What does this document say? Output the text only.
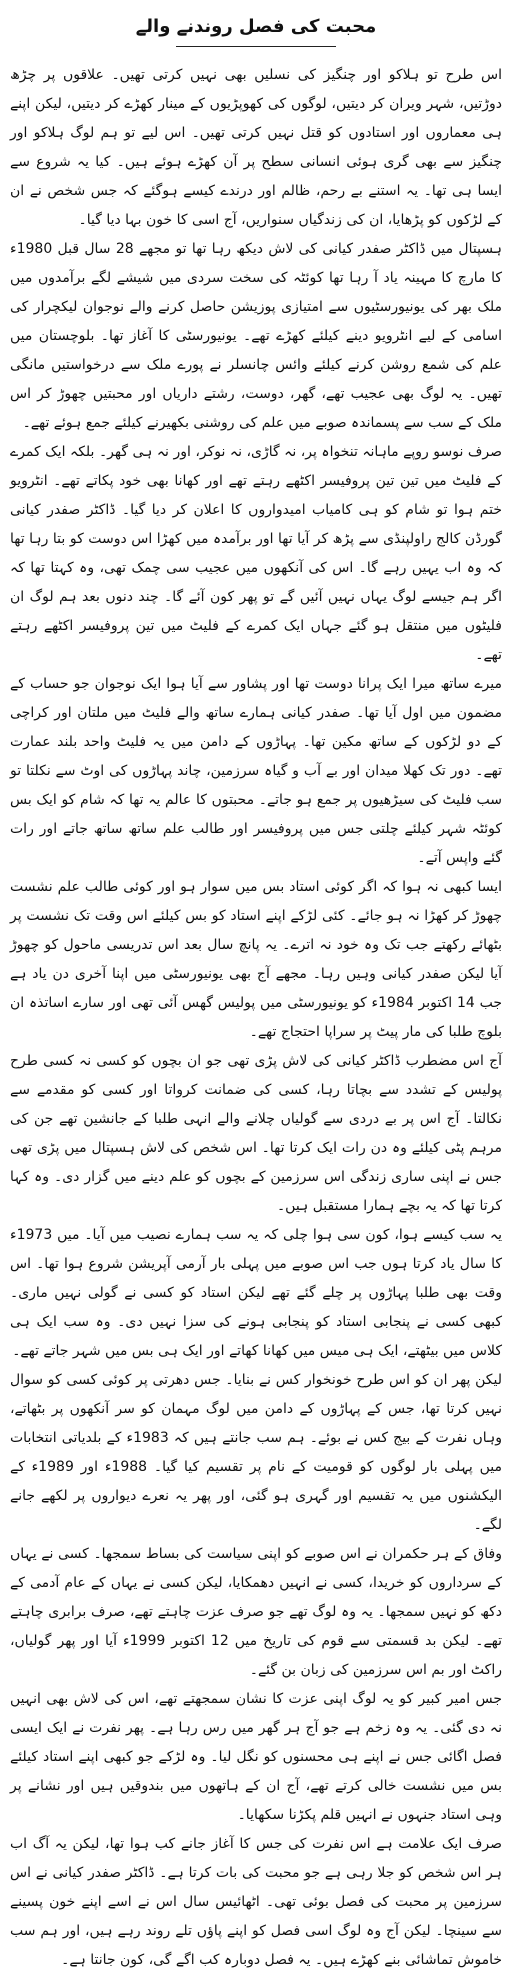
محبت کی فصل روندنے والے

اس طرح تو ہلاکو اور چنگیز کی نسلیں بھی نہیں کرتی تھیں۔ علاقوں پر چڑھ دوڑتیں، شہر ویران کر دیتیں، لوگوں کی کھوپڑیوں کے مینار کھڑے کر دیتیں، لیکن اپنے ہی معماروں اور استادوں کو قتل نہیں کرتی تھیں۔ اس لیے تو ہم لوگ ہلاکو اور چنگیز سے بھی گری ہوئی انسانی سطح پر آن کھڑے ہوئے ہیں۔ کیا یہ شروع سے ایسا ہی تھا۔ یہ استنے بے رحم، ظالم اور درندے کیسے ہوگئے کہ جس شخص نے ان کے لڑکوں کو پڑھایا، ان کی زندگیاں سنواریں، آج اسی کا خون بہا دیا گیا۔

ہسپتال میں ڈاکٹر صفدر کیانی کی لاش دیکھ رہا تھا تو مجھے 28 سال قبل 1980ء کا مارچ کا مہینہ یاد آ رہا تھا کوئٹہ کی سخت سردی میں شیشے لگے برآمدوں میں ملک بھر کی یونیورسٹیوں سے امتیازی پوزیشن حاصل کرنے والے نوجوان لیکچرار کی اسامی کے لیے انٹرویو دینے کیلئے کھڑے تھے۔ یونیورسٹی کا آغاز تھا۔ بلوچستان میں علم کی شمع روشن کرنے کیلئے وائس چانسلر نے پورے ملک سے درخواستیں مانگی تھیں۔ یہ لوگ بھی عجیب تھے، گھر، دوست، رشتے داریاں اور محبتیں چھوڑ کر اس ملک کے سب سے پسماندہ صوبے میں علم کی روشنی بکھیرنے کیلئے جمع ہوئے تھے۔

صرف نوسو روپے ماہانہ تنخواہ پر، نہ گاڑی، نہ نوکر، اور نہ ہی گھر۔ بلکہ ایک کمرے کے فلیٹ میں تین تین پروفیسر اکٹھے رہتے تھے اور کھانا بھی خود پکاتے تھے۔ انٹرویو ختم ہوا تو شام کو ہی کامیاب امیدواروں کا اعلان کر دیا گیا۔ ڈاکٹر صفدر کیانی گورڈن کالج راولپنڈی سے پڑھ کر آیا تھا اور برآمدہ میں کھڑا اس دوست کو بتا رہا تھا کہ وہ اب یہیں رہے گا۔ اس کی آنکھوں میں عجیب سی چمک تھی، وہ کہتا تھا کہ اگر ہم جیسے لوگ یہاں نہیں آئیں گے تو پھر کون آئے گا۔ چند دنوں بعد ہم لوگ ان فلیٹوں میں منتقل ہو گئے جہاں ایک کمرے کے فلیٹ میں تین پروفیسر اکٹھے رہتے تھے۔

میرے ساتھ میرا ایک پرانا دوست تھا اور پشاور سے آیا ہوا ایک نوجوان جو حساب کے مضمون میں اول آیا تھا۔ صفدر کیانی ہمارے ساتھ والے فلیٹ میں ملتان اور کراچی کے دو لڑکوں کے ساتھ مکین تھا۔ پہاڑوں کے دامن میں یہ فلیٹ واحد بلند عمارت تھے۔ دور تک کھلا میدان اور بے آب و گیاہ سرزمین، چاند پہاڑوں کی اوٹ سے نکلتا تو سب فلیٹ کی سیڑھیوں پر جمع ہو جاتے۔ محبتوں کا عالم یہ تھا کہ شام کو ایک بس کوئٹہ شہر کیلئے چلتی جس میں پروفیسر اور طالب علم ساتھ ساتھ جاتے اور رات گئے واپس آتے۔

ایسا کبھی نہ ہوا کہ اگر کوئی استاد بس میں سوار ہو اور کوئی طالب علم نشست چھوڑ کر کھڑا نہ ہو جائے۔ کئی لڑکے اپنے استاد کو بس کیلئے اس وقت تک نشست پر بٹھائے رکھتے جب تک وہ خود نہ اترے۔ یہ پانچ سال بعد اس تدریسی ماحول کو چھوڑ آیا لیکن صفدر کیانی وہیں رہا۔ مجھے آج بھی یونیورسٹی میں اپنا آخری دن یاد ہے جب 14 اکتوبر 1984ء کو یونیورسٹی میں پولیس گھس آئی تھی اور سارے اساتذہ ان بلوچ طلبا کی مار پیٹ پر سراپا احتجاج تھے۔

آج اس مضطرب ڈاکٹر کیانی کی لاش پڑی تھی جو ان بچوں کو کسی نہ کسی طرح پولیس کے تشدد سے بچاتا رہا، کسی کی ضمانت کرواتا اور کسی کو مقدمے سے نکالتا۔ آج اس پر بے دردی سے گولیاں چلانے والے انہی طلبا کے جانشین تھے جن کی مرہم پٹی کیلئے وہ دن رات ایک کرتا تھا۔ اس شخص کی لاش ہسپتال میں پڑی تھی جس نے اپنی ساری زندگی اس سرزمین کے بچوں کو علم دینے میں گزار دی۔ وہ کہا کرتا تھا کہ یہ بچے ہمارا مستقبل ہیں۔

یہ سب کیسے ہوا، کون سی ہوا چلی کہ یہ سب ہمارے نصیب میں آیا۔ میں 1973ء کا سال یاد کرتا ہوں جب اس صوبے میں پہلی بار آرمی آپریشن شروع ہوا تھا۔ اس وقت بھی طلبا پہاڑوں پر چلے گئے تھے لیکن استاد کو کسی نے گولی نہیں ماری۔ کبھی کسی نے پنجابی استاد کو پنجابی ہونے کی سزا نہیں دی۔ وہ سب ایک ہی کلاس میں بیٹھتے، ایک ہی میس میں کھانا کھاتے اور ایک ہی بس میں شہر جاتے تھے۔

لیکن پھر ان کو اس طرح خونخوار کس نے بنایا۔ جس دھرتی پر کوئی کسی کو سوال نہیں کرتا تھا، جس کے پہاڑوں کے دامن میں لوگ مہمان کو سر آنکھوں پر بٹھاتے، وہاں نفرت کے بیج کس نے بوئے۔ ہم سب جانتے ہیں کہ 1983ء کے بلدیاتی انتخابات میں پہلی بار لوگوں کو قومیت کے نام پر تقسیم کیا گیا۔ 1988ء اور 1989ء کے الیکشنوں میں یہ تقسیم اور گہری ہو گئی، اور پھر یہ نعرے دیواروں پر لکھے جانے لگے۔

وفاق کے ہر حکمران نے اس صوبے کو اپنی سیاست کی بساط سمجھا۔ کسی نے یہاں کے سرداروں کو خریدا، کسی نے انہیں دھمکایا، لیکن کسی نے یہاں کے عام آدمی کے دکھ کو نہیں سمجھا۔ یہ وہ لوگ تھے جو صرف عزت چاہتے تھے، صرف برابری چاہتے تھے۔ لیکن بد قسمتی سے قوم کی تاریخ میں 12 اکتوبر 1999ء آیا اور پھر گولیاں، راکٹ اور بم اس سرزمین کی زبان بن گئے۔

جس امیر کبیر کو یہ لوگ اپنی عزت کا نشان سمجھتے تھے، اس کی لاش بھی انہیں نہ دی گئی۔ یہ وہ زخم ہے جو آج ہر گھر میں رس رہا ہے۔ پھر نفرت نے ایک ایسی فصل اگائی جس نے اپنے ہی محسنوں کو نگل لیا۔ وہ لڑکے جو کبھی اپنے استاد کیلئے بس میں نشست خالی کرتے تھے، آج ان کے ہاتھوں میں بندوقیں ہیں اور نشانے پر وہی استاد جنہوں نے انہیں قلم پکڑنا سکھایا۔

صرف ایک علامت ہے اس نفرت کی جس کا آغاز جانے کب ہوا تھا، لیکن یہ آگ اب ہر اس شخص کو جلا رہی ہے جو محبت کی بات کرتا ہے۔ ڈاکٹر صفدر کیانی نے اس سرزمین پر محبت کی فصل بوئی تھی۔ اٹھائیس سال اس نے اسے اپنے خون پسینے سے سینچا۔ لیکن آج وہ لوگ اسی فصل کو اپنے پاؤں تلے روند رہے ہیں، اور ہم سب خاموش تماشائی بنے کھڑے ہیں۔ یہ فصل دوبارہ کب اگے گی، کون جانتا ہے۔
